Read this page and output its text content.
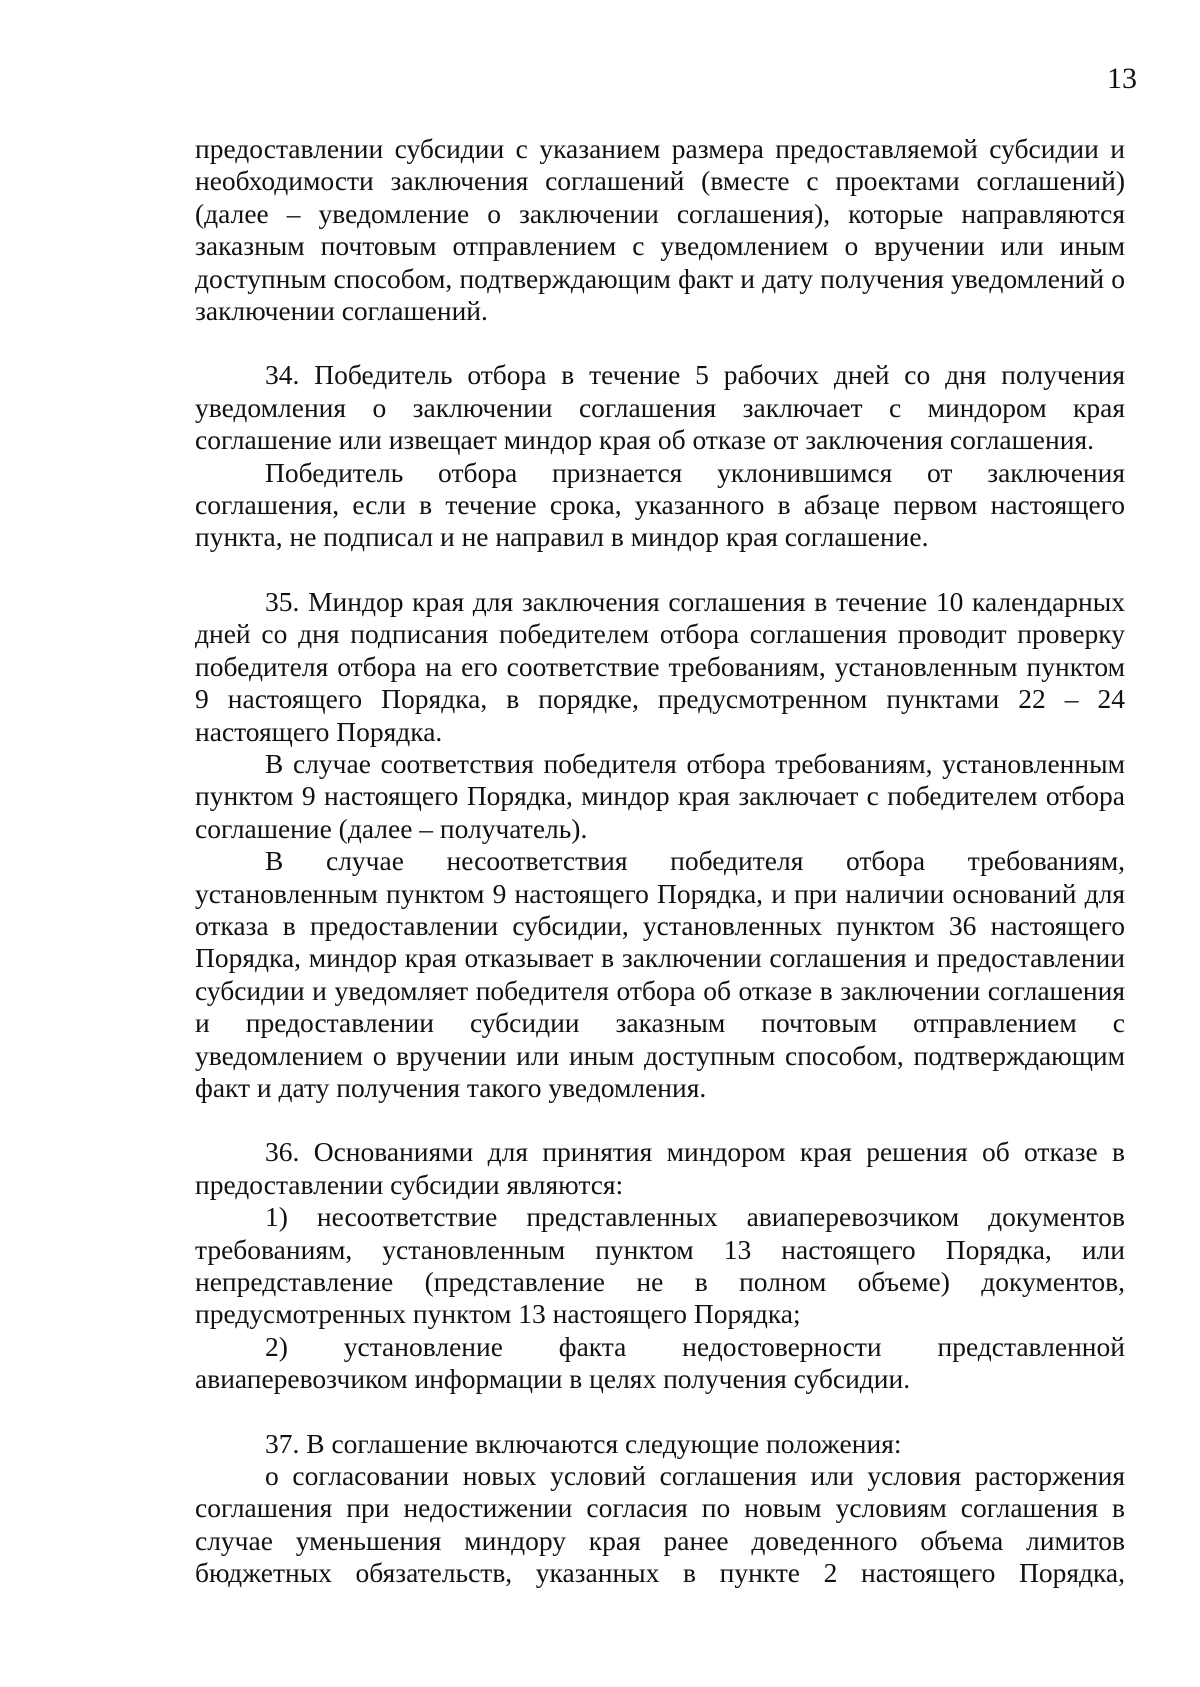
13

предоставлении субсидии с указанием размера предоставляемой субсидии и необходимости заключения соглашений (вместе с проектами соглашений) (далее – уведомление о заключении соглашения), которые направляются заказным почтовым отправлением с уведомлением о вручении или иным доступным способом, подтверждающим факт и дату получения уведомлений о заключении соглашений.

34. Победитель отбора в течение 5 рабочих дней со дня получения уведомления о заключении соглашения заключает с миндором края соглашение или извещает миндор края об отказе от заключения соглашения.

Победитель отбора признается уклонившимся от заключения соглашения, если в течение срока, указанного в абзаце первом настоящего пункта, не подписал и не направил в миндор края соглашение.

35. Миндор края для заключения соглашения в течение 10 календарных дней со дня подписания победителем отбора соглашения проводит проверку победителя отбора на его соответствие требованиям, установленным пунктом 9 настоящего Порядка, в порядке, предусмотренном пунктами 22 – 24 настоящего Порядка.

В случае соответствия победителя отбора требованиям, установленным пунктом 9 настоящего Порядка, миндор края заключает с победителем отбора соглашение (далее – получатель).

В случае несоответствия победителя отбора требованиям, установленным пунктом 9 настоящего Порядка, и при наличии оснований для отказа в предоставлении субсидии, установленных пунктом 36 настоящего Порядка, миндор края отказывает в заключении соглашения и предоставлении субсидии и уведомляет победителя отбора об отказе в заключении соглашения и предоставлении субсидии заказным почтовым отправлением с уведомлением о вручении или иным доступным способом, подтверждающим факт и дату получения такого уведомления.

36. Основаниями для принятия миндором края решения об отказе в предоставлении субсидии являются:

1) несоответствие представленных авиаперевозчиком документов требованиям, установленным пунктом 13 настоящего Порядка, или непредставление (представление не в полном объеме) документов, предусмотренных пунктом 13 настоящего Порядка;

2) установление факта недостоверности представленной авиаперевозчиком информации в целях получения субсидии.

37. В соглашение включаются следующие положения:

о согласовании новых условий соглашения или условия расторжения соглашения при недостижении согласия по новым условиям соглашения в случае уменьшения миндору края ранее доведенного объема лимитов бюджетных обязательств, указанных в пункте 2 настоящего Порядка,
